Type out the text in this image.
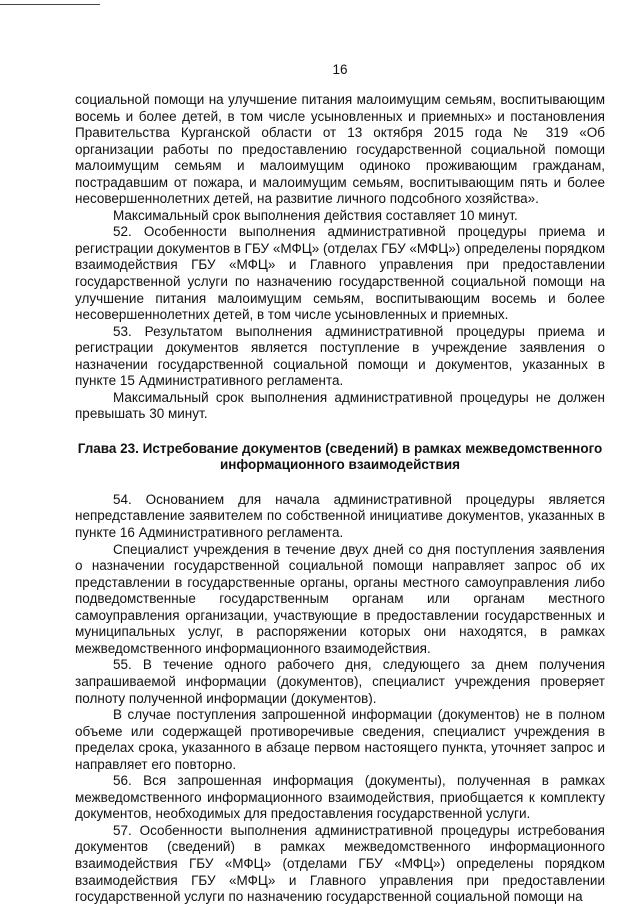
16

социальной помощи на улучшение питания малоимущим семьям, воспитывающим восемь и более детей, в том числе усыновленных и приемных» и постановления Правительства Курганской области от 13 октября 2015 года № 319 «Об организации работы по предоставлению государственной социальной помощи малоимущим семьям и малоимущим одиноко проживающим гражданам, пострадавшим от пожара, и малоимущим семьям, воспитывающим пять и более несовершеннолетних детей, на развитие личного подсобного хозяйства».

Максимальный срок выполнения действия составляет 10 минут.

52. Особенности выполнения административной процедуры приема и регистрации документов в ГБУ «МФЦ» (отделах ГБУ «МФЦ») определены порядком взаимодействия ГБУ «МФЦ» и Главного управления при предоставлении государственной услуги по назначению государственной социальной помощи на улучшение питания малоимущим семьям, воспитывающим восемь и более несовершеннолетних детей, в том числе усыновленных и приемных.

53. Результатом выполнения административной процедуры приема и регистрации документов является поступление в учреждение заявления о назначении государственной социальной помощи и документов, указанных в пункте 15 Административного регламента.

Максимальный срок выполнения административной процедуры не должен превышать 30 минут.

Глава 23. Истребование документов (сведений) в рамках межведомственного информационного взаимодействия

54. Основанием для начала административной процедуры является непредставление заявителем по собственной инициативе документов, указанных в пункте 16 Административного регламента.

Специалист учреждения в течение двух дней со дня поступления заявления о назначении государственной социальной помощи направляет запрос об их представлении в государственные органы, органы местного самоуправления либо подведомственные государственным органам или органам местного самоуправления организации, участвующие в предоставлении государственных и муниципальных услуг, в распоряжении которых они находятся, в рамках межведомственного информационного взаимодействия.

55. В течение одного рабочего дня, следующего за днем получения запрашиваемой информации (документов), специалист учреждения проверяет полноту полученной информации (документов).

В случае поступления запрошенной информации (документов) не в полном объеме или содержащей противоречивые сведения, специалист учреждения в пределах срока, указанного в абзаце первом настоящего пункта, уточняет запрос и направляет его повторно.

56. Вся запрошенная информация (документы), полученная в рамках межведомственного информационного взаимодействия, приобщается к комплекту документов, необходимых для предоставления государственной услуги.

57. Особенности выполнения административной процедуры истребования документов (сведений) в рамках межведомственного информационного взаимодействия ГБУ «МФЦ» (отделами ГБУ «МФЦ») определены порядком взаимодействия ГБУ «МФЦ» и Главного управления при предоставлении государственной услуги по назначению государственной социальной помощи на
